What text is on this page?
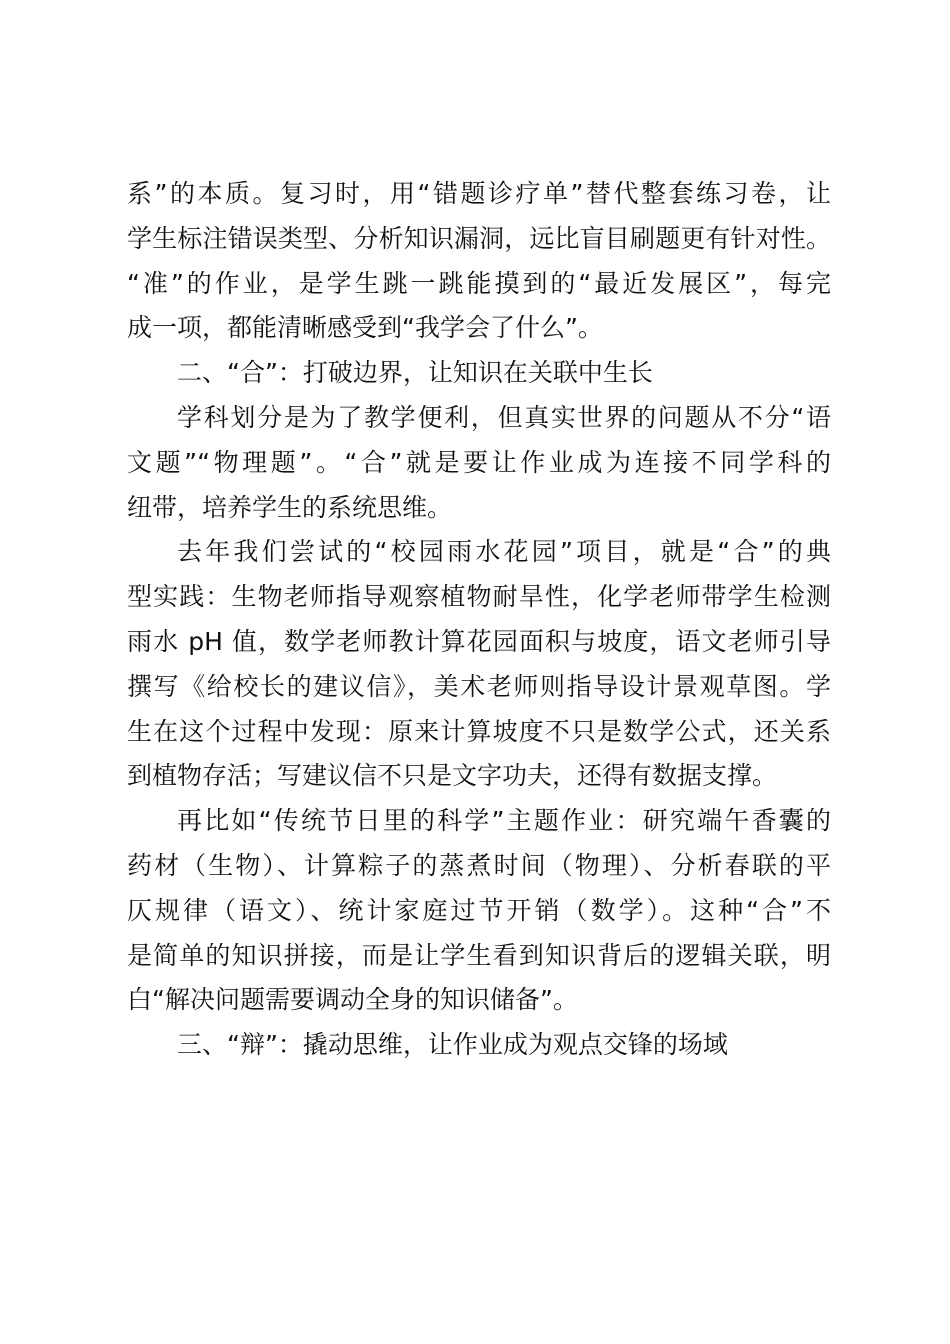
系”的本质。复习时，用“错题诊疗单”替代整套练习卷，让
学生标注错误类型、分析知识漏洞，远比盲目刷题更有针对性。
“准”的作业，是学生跳一跳能摸到的“最近发展区”，每完
成一项，都能清晰感受到“我学会了什么”。
二、“合”：打破边界，让知识在关联中生长
学科划分是为了教学便利，但真实世界的问题从不分“语
文题”“物理题”。“合”就是要让作业成为连接不同学科的
纽带，培养学生的系统思维。
去年我们尝试的“校园雨水花园”项目，就是“合”的典
型实践：生物老师指导观察植物耐旱性，化学老师带学生检测
雨水 pH 值，数学老师教计算花园面积与坡度，语文老师引导
撰写《给校长的建议信》，美术老师则指导设计景观草图。学
生在这个过程中发现：原来计算坡度不只是数学公式，还关系
到植物存活；写建议信不只是文字功夫，还得有数据支撑。
再比如“传统节日里的科学”主题作业：研究端午香囊的
药材（生物）、计算粽子的蒸煮时间（物理）、分析春联的平
仄规律（语文）、统计家庭过节开销（数学）。这种“合”不
是简单的知识拼接，而是让学生看到知识背后的逻辑关联，明
白“解决问题需要调动全身的知识储备”。
三、“辩”：撬动思维，让作业成为观点交锋的场域
